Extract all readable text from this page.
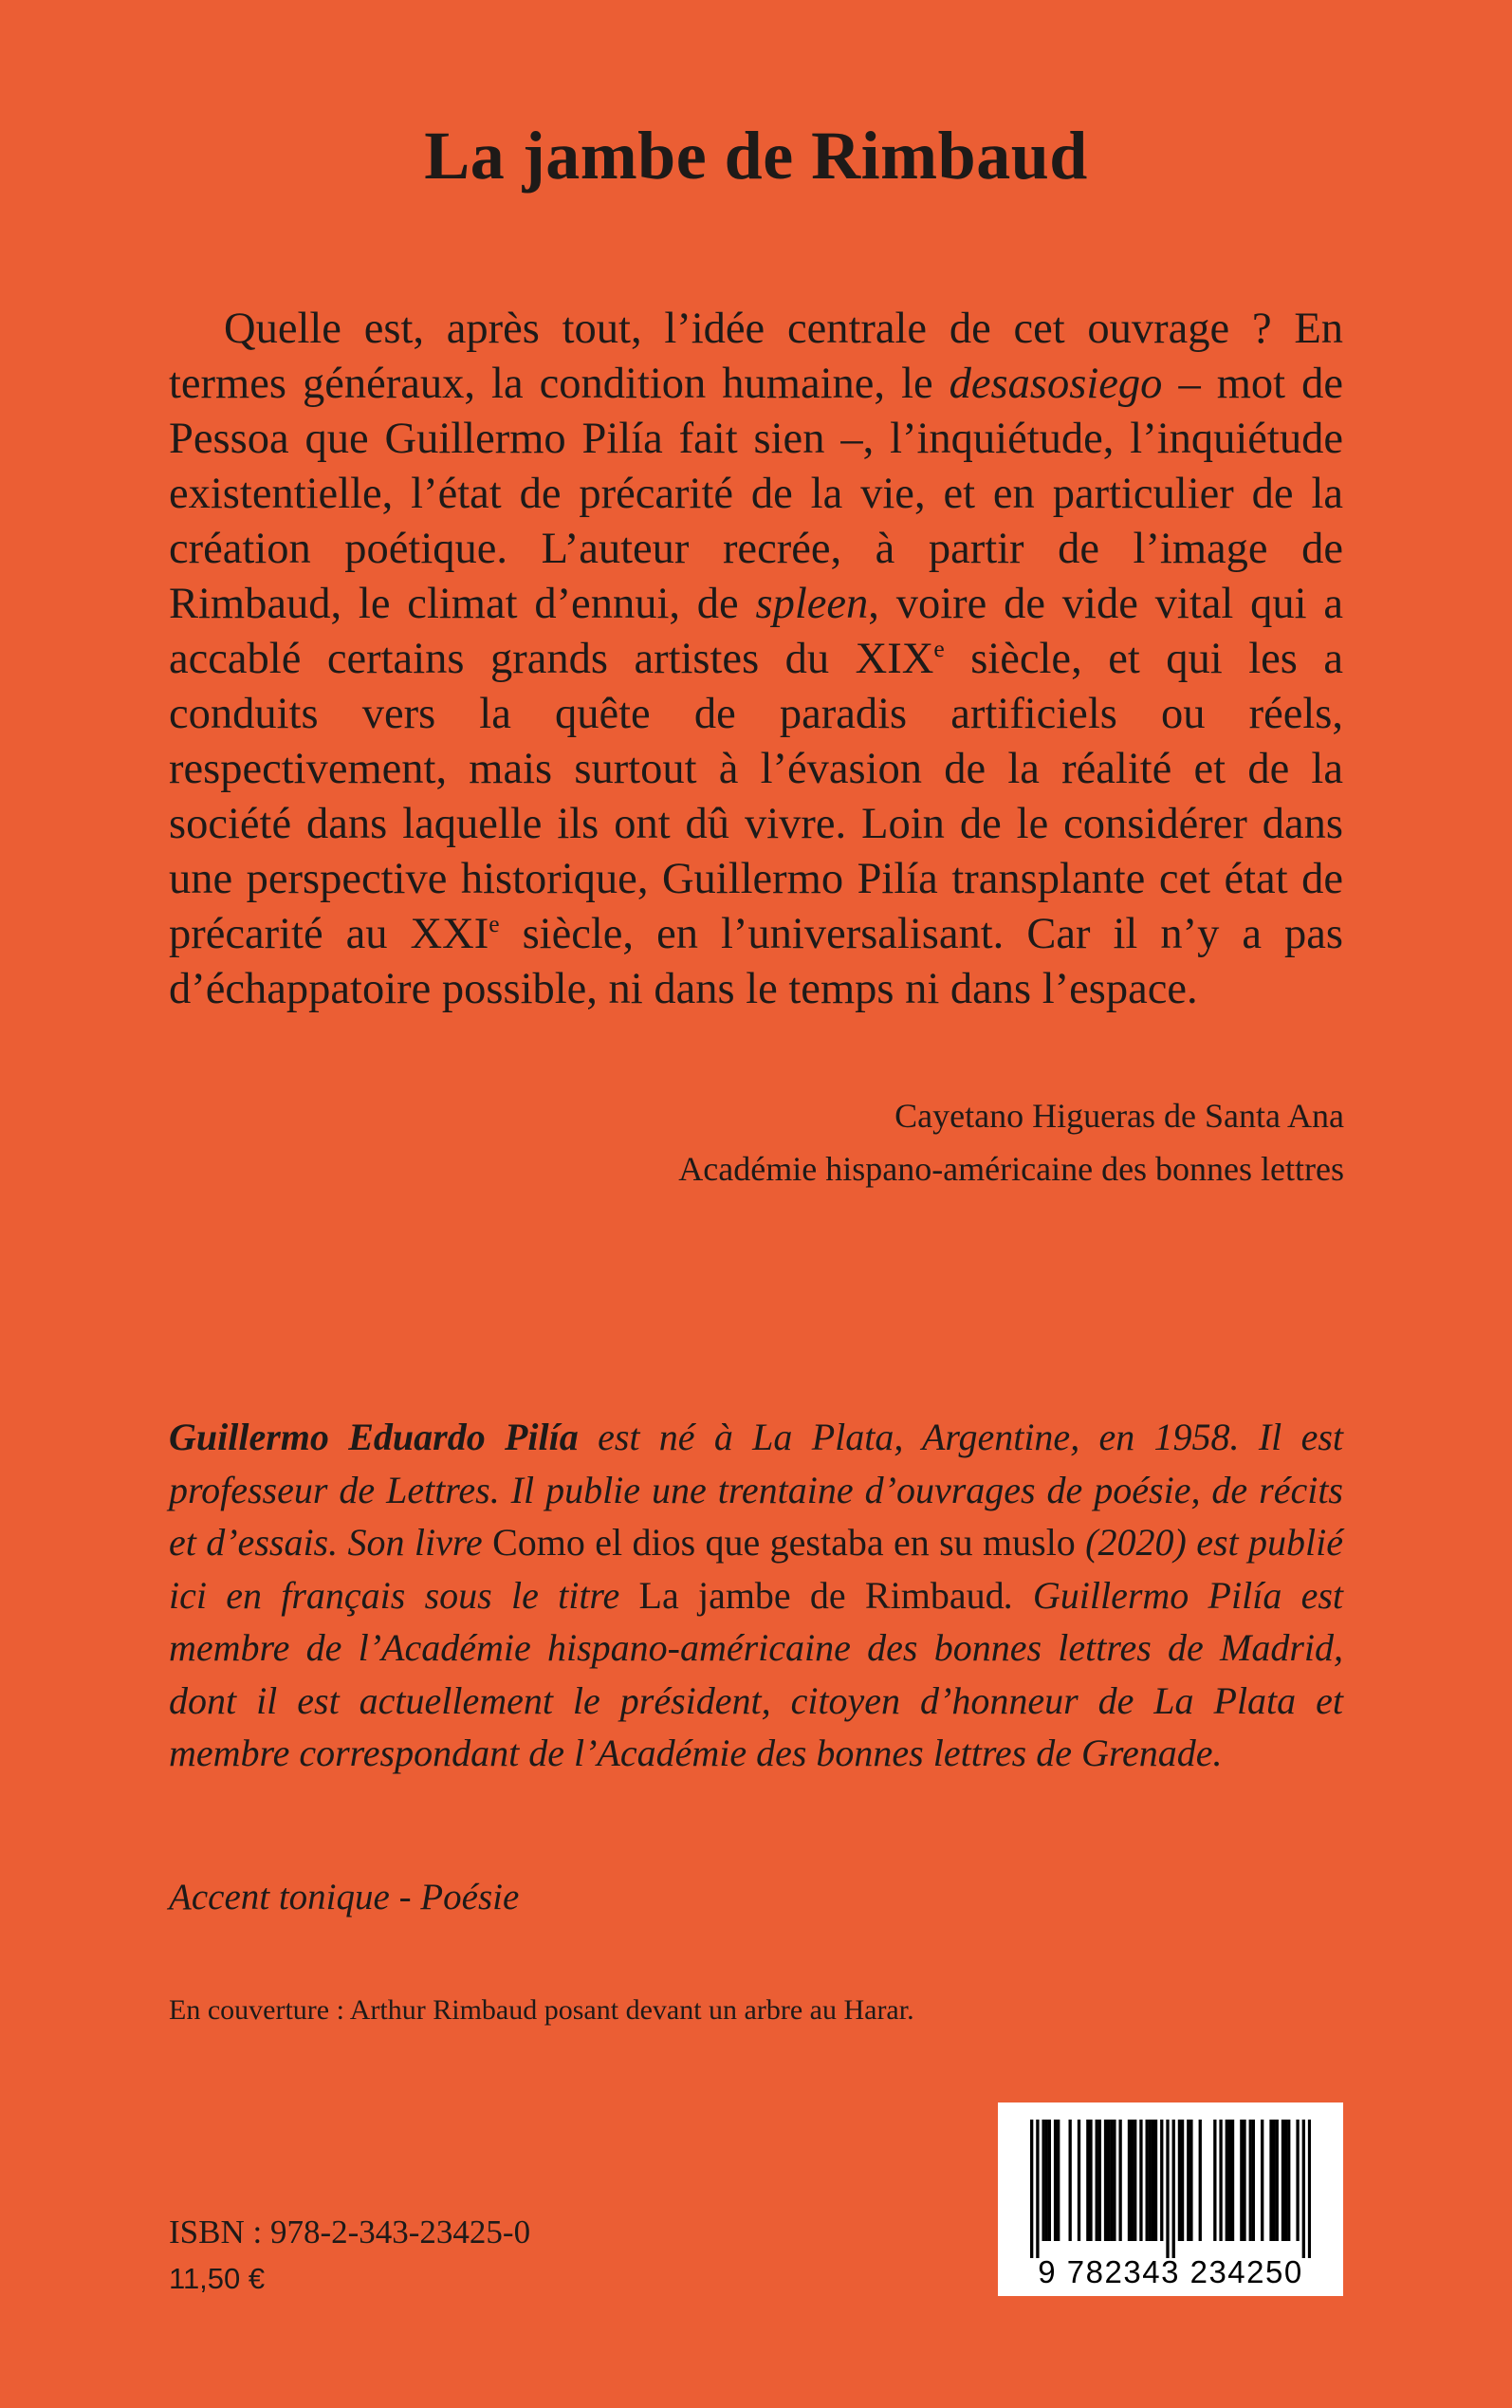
La jambe de Rimbaud

Quelle est, après tout, l’idée centrale de cet ouvrage ? En termes généraux, la condition humaine, le desasosiego – mot de Pessoa que Guillermo Pilía fait sien –, l’inquiétude, l’inquiétude existentielle, l’état de précarité de la vie, et en particulier de la création poétique. L’auteur recrée, à partir de l’image de Rimbaud, le climat d’ennui, de spleen, voire de vide vital qui a accablé certains grands artistes du XIXe siècle, et qui les a conduits vers la quête de paradis artificiels ou réels, respectivement, mais surtout à l’évasion de la réalité et de la société dans laquelle ils ont dû vivre. Loin de le considérer dans une perspective historique, Guillermo Pilía transplante cet état de précarité au XXIe siècle, en l’universalisant. Car il n’y a pas d’échappatoire possible, ni dans le temps ni dans l’espace.

Cayetano Higueras de Santa Ana
Académie hispano-américaine des bonnes lettres

Guillermo Eduardo Pilía est né à La Plata, Argentine, en 1958. Il est professeur de Lettres. Il publie une trentaine d’ouvrages de poésie, de récits et d’essais. Son livre Como el dios que gestaba en su muslo (2020) est publié ici en français sous le titre La jambe de Rimbaud. Guillermo Pilía est membre de l’Académie hispano-américaine des bonnes lettres de Madrid, dont il est actuellement le président, citoyen d’honneur de La Plata et membre correspondant de l’Académie des bonnes lettres de Grenade.

Accent tonique - Poésie
En couverture : Arthur Rimbaud posant devant un arbre au Harar.
ISBN : 978-2-343-23425-0
11,50 €	9 782343 234250
